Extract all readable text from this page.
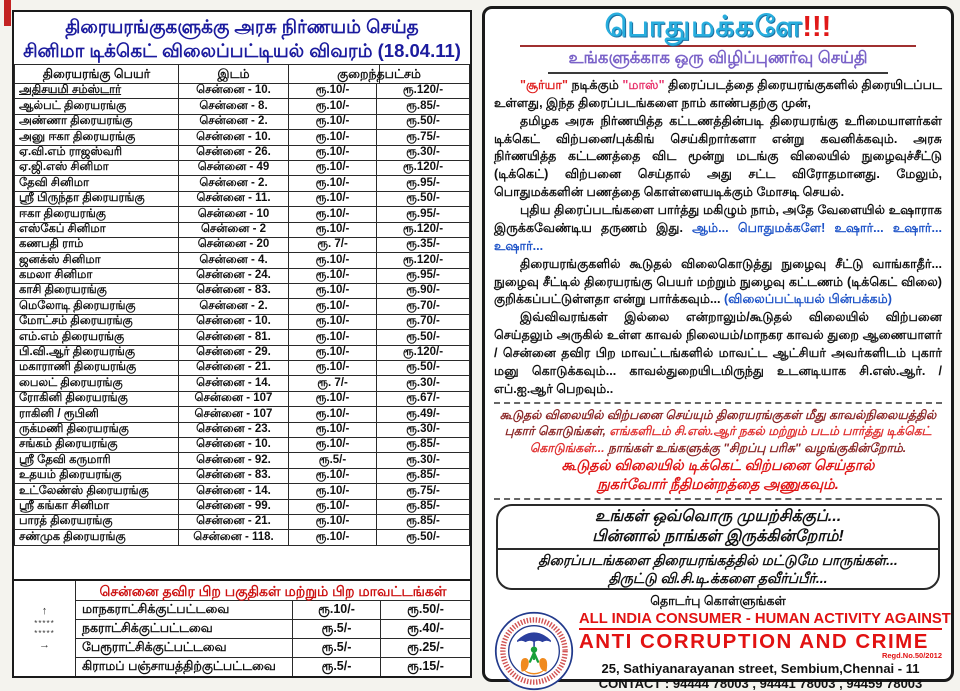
திரையரங்குகளுக்கு அரசு நிர்ணயம் செய்த
சினிமா டிக்கெட் விலைப்பட்டியல் விவரம் (18.04.11)
திரையரங்கு பெயர்	இடம்	குறைந்தபட்சம்	
அதிசயமி சம்ஸ்டார்	சென்னை - 10.	ரூ.10/-	ரூ.120/-
ஆல்பட் திரையரங்கு	சென்னை - 8.	ரூ.10/-	ரூ.85/-
அண்ணா திரையரங்கு	சென்னை - 2.	ரூ.10/-	ரூ.50/-
அனு ஈகா திரையரங்கு	சென்னை - 10.	ரூ.10/-	ரூ.75/-
ஏ.வி.எம் ராஜஸ்வரி	சென்னை - 26.	ரூ.10/-	ரூ.30/-
ஏ.ஜி.எஸ் சினிமா	சென்னை - 49	ரூ.10/-	ரூ.120/-
தேவி சினிமா	சென்னை - 2.	ரூ.10/-	ரூ.95/-
ஸ்ரீ பிருந்தா திரையரங்கு	சென்னை - 11.	ரூ.10/-	ரூ.50/-
ஈகா திரையரங்கு	சென்னை - 10	ரூ.10/-	ரூ.95/-
எஸ்கேப் சினிமா	சென்னை - 2	ரூ.10/-	ரூ.120/-
கணபதி ராம்	சென்னை - 20	ரூ. 7/-	ரூ.35/-
ஜனக்ஸ் சினிமா	சென்னை - 4.	ரூ.10/-	ரூ.120/-
கமலா சினிமா	சென்னை - 24.	ரூ.10/-	ரூ.95/-
காசி திரையரங்கு	சென்னை - 83.	ரூ.10/-	ரூ.90/-
மெலோடி திரையரங்கு	சென்னை - 2.	ரூ.10/-	ரூ.70/-
மோட்சம் திரையரங்கு	சென்னை - 10.	ரூ.10/-	ரூ.70/-
எம்.எம் திரையரங்கு	சென்னை - 81.	ரூ.10/-	ரூ.50/-
பி.வி.ஆர் திரையரங்கு	சென்னை - 29.	ரூ.10/-	ரூ.120/-
மகாராணி திரையரங்கு	சென்னை - 21.	ரூ.10/-	ரூ.50/-
பைலட் திரையரங்கு	சென்னை - 14.	ரூ. 7/-	ரூ.30/-
ரோகினி திரையரங்கு	சென்னை - 107	ரூ.10/-	ரூ.67/-
ராகினி / ரூபினி	சென்னை - 107	ரூ.10/-	ரூ.49/-
ருக்மணி திரையரங்கு	சென்னை - 23.	ரூ.10/-	ரூ.30/-
சங்கம் திரையரங்கு	சென்னை - 10.	ரூ.10/-	ரூ.85/-
ஸ்ரீ தேவி கருமாரி	சென்னை - 92.	ரூ.5/-	ரூ.30/-
உதயம் திரையரங்கு	சென்னை - 83.	ரூ.10/-	ரூ.85/-
உட்லேண்ஸ் திரையரங்கு	சென்னை - 14.	ரூ.10/-	ரூ.75/-
ஸ்ரீ கங்கா சினிமா	சென்னை - 99.	ரூ.10/-	ரூ.85/-
பாரத் திரையரங்கு	சென்னை - 21.	ரூ.10/-	ரூ.85/-
சண்முக திரையரங்கு	சென்னை - 118.	ரூ.10/-	ரூ.50/-
↑
*****
*****
→
சென்னை தவிர பிற பகுதிகள் மற்றும் பிற மாவட்டங்கள்
மாநகராட்சிக்குட்பட்டவை	ரூ.10/-	ரூ.50/-
நகராட்சிக்குட்பட்டவை	ரூ.5/-	ரூ.40/-
பேரூராட்சிக்குட்பட்டவை	ரூ.5/-	ரூ.25/-
கிராமப் பஞ்சாயத்திற்குட்பட்டவை	ரூ.5/-	ரூ.15/-
பொதுமக்களே!!!
உங்களுக்காக ஒரு விழிப்புணர்வு செய்தி

"சூர்யா" நடிக்கும் "மாஸ்" திரைப்படத்தை திரையரங்குகளில் திரையிடப்பட உள்ளது, இந்த திரைப்படங்களை நாம் காண்பதற்கு முன்,

தமிழக அரசு நிர்ணயித்த கட்டணத்தின்படி திரையரங்கு உரிமையாளர்கள் டிக்கெட் விற்பனை/புக்கிங் செய்கிறார்களா என்று கவனிக்கவும். அரசு நிர்ணயித்த கட்டணத்தை விட மூன்று மடங்கு விலையில் நுழைவுச்சீட்டு (டிக்கெட்) விற்பனை செய்தால் அது சட்ட விரோதமானது. மேலும், பொதுமக்களின் பணத்தை கொள்ளையடிக்கும் மோசடி செயல்.

புதிய திரைப்படங்களை பார்த்து மகிழும் நாம், அதே வேளையில் உஷாராக இருக்கவேண்டிய தருணம் இது. ஆம்... பொதுமக்களே! உஷார்... உஷார்... உஷார்...

திரையரங்குகளில் கூடுதல் விலைகொடுத்து நுழைவு சீட்டு வாங்காதீர்... நுழைவு சீட்டில் திரையரங்கு பெயர் மற்றும் நுழைவு கட்டணம் (டிக்கெட் விலை) குறிக்கப்பட்டுள்ளதா என்று பார்க்கவும்... (விலைப்பட்டியல் பின்பக்கம்)

இவ்விவரங்கள் இல்லை என்றாலும்/கூடுதல் விலையில் விற்பனை செய்தலும் அருகில் உள்ள காவல் நிலையம்/மாநகர காவல் துறை ஆணையாளர் / சென்னை தவிர பிற மாவட்டங்களில் மாவட்ட ஆட்சியர் அவர்களிடம் புகார் மனு கொடுக்கவும்... காவல்துறையிடமிருந்து உடனடியாக சி.எஸ்.ஆர். / எப்.ஐ.ஆர் பெறவும்..

கூடுதல் விலையில் விற்பனை செய்யும் திரையரங்குகள் மீது காவல்நிலையத்தில் புகார் கொடுங்கள், எங்களிடம் சி.எஸ்.ஆர் நகல் மற்றும் படம் பார்த்து டிக்கெட் கொடுங்கள்... நாங்கள் உங்களுக்கு "சிறப்பு பரிசு" வழங்குகின்றோம்.
கூடுதல் விலையில் டிக்கெட் விற்பனை செய்தால்
நுகர்வோர் நீதிமன்றத்தை அணுகவும்.
உங்கள் ஒவ்வொரு முயற்சிக்குப்...
பின்னால் நாங்கள் இருக்கின்றோம்!
திரைப்படங்களை திரையரங்கத்தில் மட்டுமே பாருங்கள்...
திருட்டு வி.சி.டி.க்களை தவீர்ப்பீர்...
தொடர்பு கொள்ளுங்கள்
ALL INDIA CONSUMER - HUMAN ACTIVITY AGAINST
ANTI CORRUPTION AND CRIME
Regd.No.50/2012
25, Sathiyanarayanan street, Sembium,Chennai - 11
CONTACT : 94444 78003 , 94441 78003 , 94459 78003
